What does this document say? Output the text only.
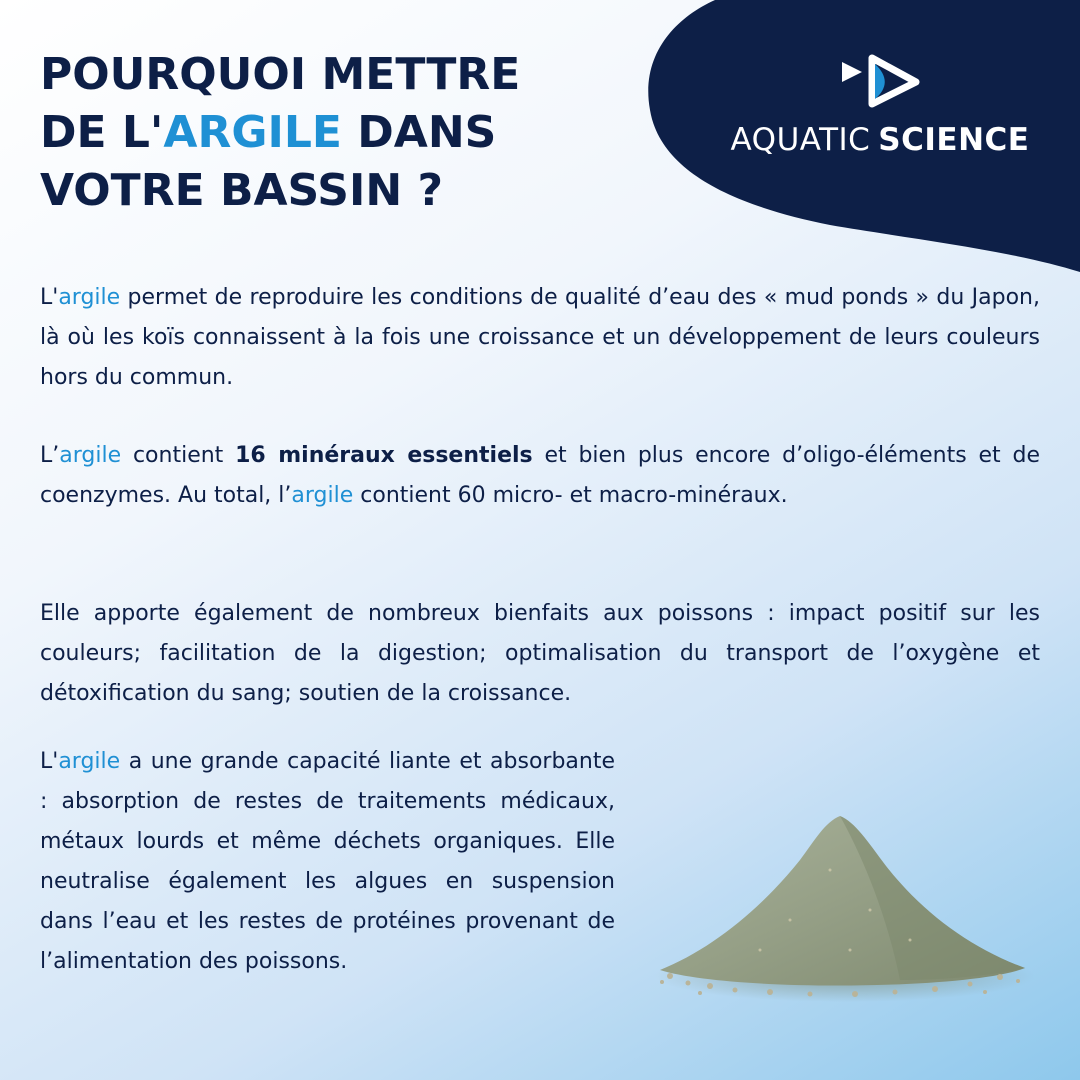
AQUATIC SCIENCE
POURQUOI METTRE
DE L'ARGILE DANS
VOTRE BASSIN ?

L'argile permet de reproduire les conditions de qualité d’eau des « mud ponds » du Japon, là où les koïs connaissent à la fois une croissance et un développement de leurs couleurs hors du commun.

L’argile contient 16 minéraux essentiels et bien plus encore d’oligo-éléments et de coenzymes. Au total, l’argile contient 60 micro- et macro-minéraux.

Elle apporte également de nombreux bienfaits aux poissons : impact positif sur les couleurs; facilitation de la digestion; optimalisation du transport de l’oxygène et détoxification du sang; soutien de la croissance.

L'argile a une grande capacité liante et absorbante : absorption de restes de traitements médicaux, métaux lourds et même déchets organiques. Elle neutralise également les algues en suspension dans l’eau et les restes de protéines provenant de l’alimentation des poissons.
